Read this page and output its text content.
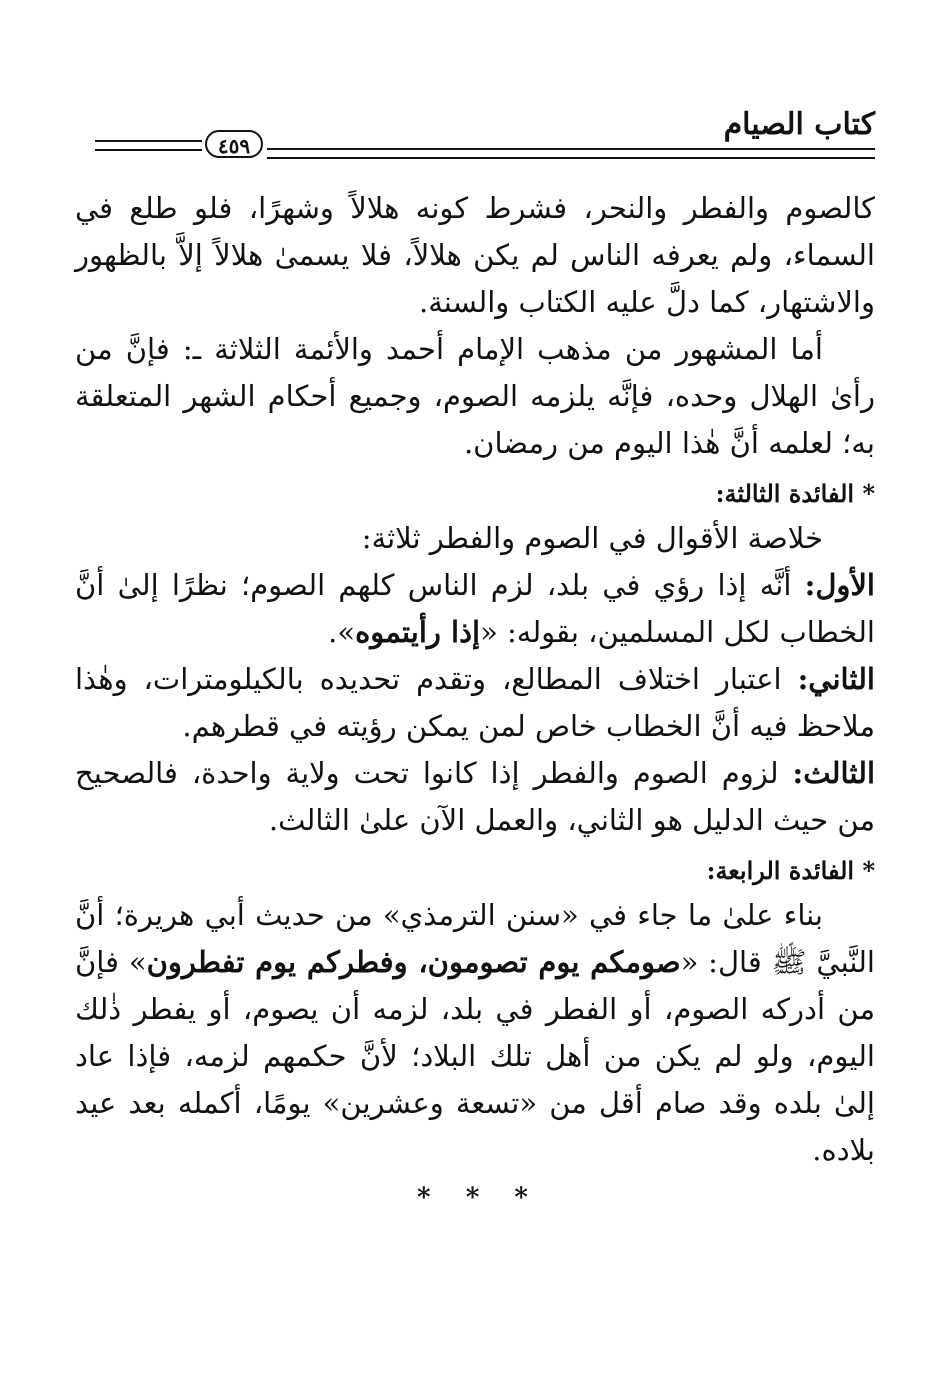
كتاب الصيام
٤٥٩

كالصوم والفطر والنحر، فشرط كونه هلالاً وشهرًا، فلو طلع في السماء، ولم يعرفه الناس لم يكن هلالاً، فلا يسمىٰ هلالاً إلاَّ بالظهور والاشتهار، كما دلَّ عليه الكتاب والسنة.

أما المشهور من مذهب الإمام أحمد والأئمة الثلاثة ـ: فإنَّ من رأىٰ الهلال وحده، فإنَّه يلزمه الصوم، وجميع أحكام الشهر المتعلقة به؛ لعلمه أنَّ هٰذا اليوم من رمضان.

* الفائدة الثالثة:

خلاصة الأقوال في الصوم والفطر ثلاثة:

الأول: أنَّه إذا رؤي في بلد، لزم الناس كلهم الصوم؛ نظرًا إلىٰ أنَّ الخطاب لكل المسلمين، بقوله: «إذا رأيتموه».

الثاني: اعتبار اختلاف المطالع، وتقدم تحديده بالكيلومترات، وهٰذا ملاحظ فيه أنَّ الخطاب خاص لمن يمكن رؤيته في قطرهم.

الثالث: لزوم الصوم والفطر إذا كانوا تحت ولاية واحدة، فالصحيح من حيث الدليل هو الثاني، والعمل الآن علىٰ الثالث.

* الفائدة الرابعة:

بناء علىٰ ما جاء في «سنن الترمذي» من حديث أبي هريرة؛ أنَّ النَّبيَّ ﷺ قال: «صومكم يوم تصومون، وفطركم يوم تفطرون» فإنَّ من أدركه الصوم، أو الفطر في بلد، لزمه أن يصوم، أو يفطر ذٰلك اليوم، ولو لم يكن من أهل تلك البلاد؛ لأنَّ حكمهم لزمه، فإذا عاد إلىٰ بلده وقد صام أقل من «تسعة وعشرين» يومًا، أكمله بعد عيد بلاده.

* * *
